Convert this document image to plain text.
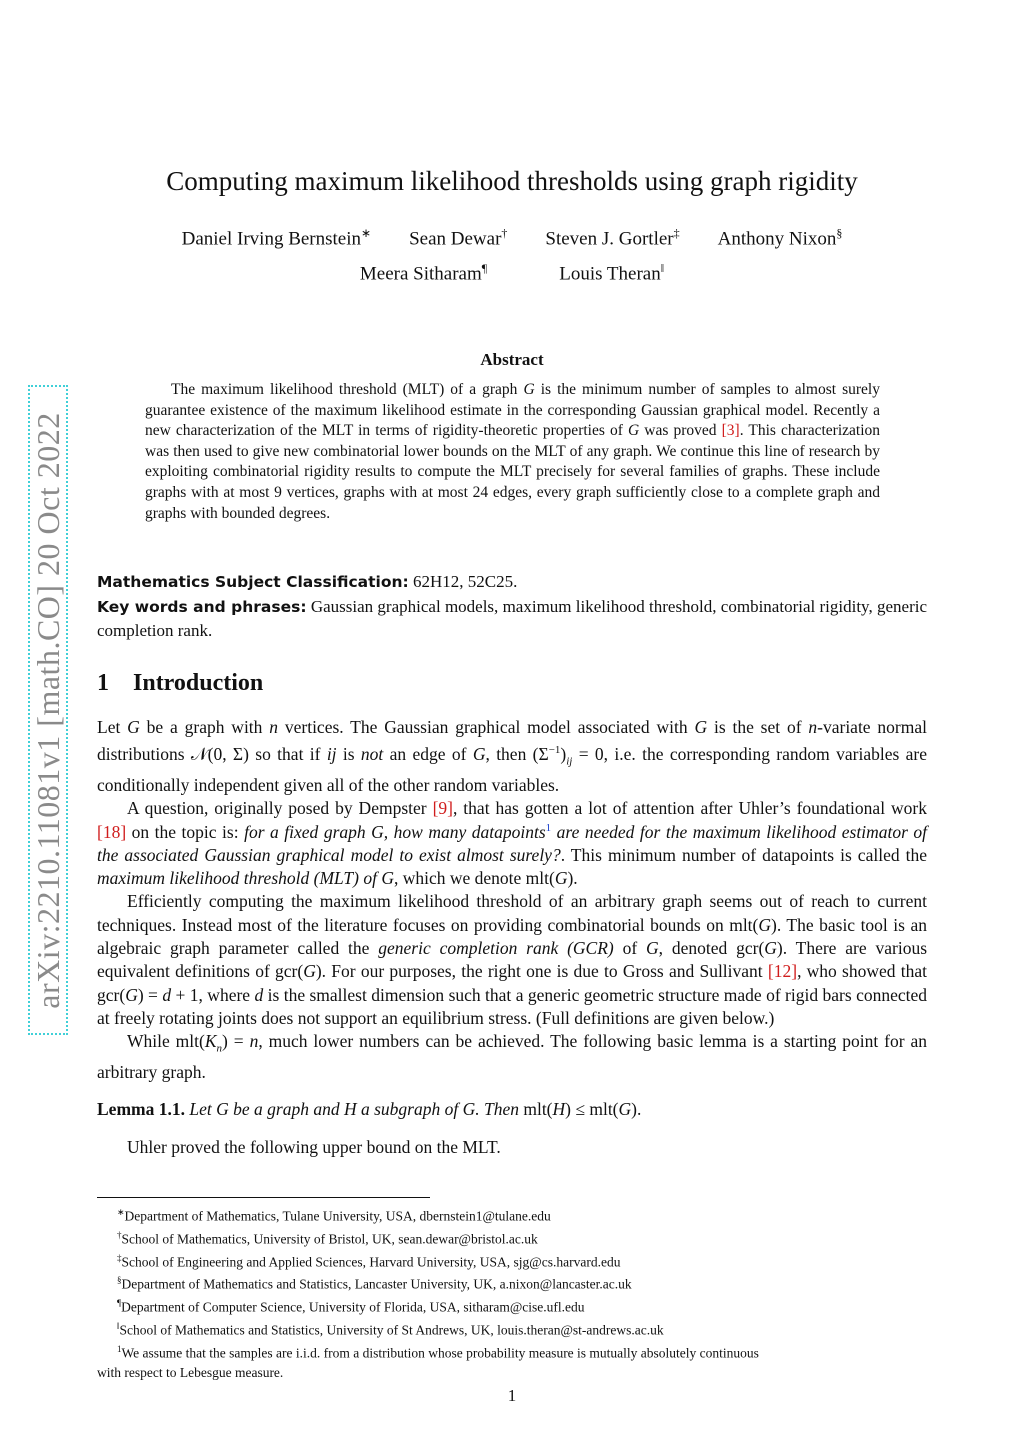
arXiv:2210.11081v1 [math.CO] 20 Oct 2022
Computing maximum likelihood thresholds using graph rigidity
Daniel Irving Bernstein∗ Sean Dewar† Steven J. Gortler‡ Anthony Nixon§
Meera Sitharam¶	Louis Theran‖
Abstract

The maximum likelihood threshold (MLT) of a graph G is the minimum number of samples to almost surely guarantee existence of the maximum likelihood estimate in the corresponding Gaussian graphical model. Recently a new characterization of the MLT in terms of rigidity-theoretic properties of G was proved [3]. This characterization was then used to give new combinatorial lower bounds on the MLT of any graph. We continue this line of research by exploiting combinatorial rigidity results to compute the MLT precisely for several families of graphs. These include graphs with at most 9 vertices, graphs with at most 24 edges, every graph sufficiently close to a complete graph and graphs with bounded degrees.

Mathematics Subject Classification: 62H12, 52C25.
Key words and phrases: Gaussian graphical models, maximum likelihood threshold, combinatorial rigidity, generic completion rank.

1 Introduction

Let G be a graph with n vertices. The Gaussian graphical model associated with G is the set of n-variate normal distributions 𝒩(0, Σ) so that if ij is not an edge of G, then $(\Sigma^{-1})_{ij} = 0$, i.e. the corresponding random variables are conditionally independent given all of the other random variables.

A question, originally posed by Dempster [9], that has gotten a lot of attention after Uhler’s foundational work [18] on the topic is: for a fixed graph G, how many datapoints$^1$ are needed for the maximum likelihood estimator of the associated Gaussian graphical model to exist almost surely?. This minimum number of datapoints is called the maximum likelihood threshold (MLT) of G, which we denote mlt(G).

Efficiently computing the maximum likelihood threshold of an arbitrary graph seems out of reach to current techniques. Instead most of the literature focuses on providing combinatorial bounds on mlt(G). The basic tool is an algebraic graph parameter called the generic completion rank (GCR) of G, denoted gcr(G). There are various equivalent definitions of gcr(G). For our purposes, the right one is due to Gross and Sullivant [12], who showed that gcr(G) = d + 1, where d is the smallest dimension such that a generic geometric structure made of rigid bars connected at freely rotating joints does not support an equilibrium stress. (Full definitions are given below.)

While $mlt(K_n) = n$, much lower numbers can be achieved. The following basic lemma is a starting point for an arbitrary graph.

Lemma 1.1. Let G be a graph and H a subgraph of G. Then mlt(H) ≤ mlt(G).

Uhler proved the following upper bound on the MLT.

∗Department of Mathematics, Tulane University, USA, dbernstein1@tulane.edu
†School of Mathematics, University of Bristol, UK, sean.dewar@bristol.ac.uk
‡School of Engineering and Applied Sciences, Harvard University, USA, sjg@cs.harvard.edu
§Department of Mathematics and Statistics, Lancaster University, UK, a.nixon@lancaster.ac.uk
¶Department of Computer Science, University of Florida, USA, sitharam@cise.ufl.edu
‖School of Mathematics and Statistics, University of St Andrews, UK, louis.theran@st-andrews.ac.uk
$^1$We assume that the samples are i.i.d. from a distribution whose probability measure is mutually absolutely continuous
with respect to Lebesgue measure.
1
